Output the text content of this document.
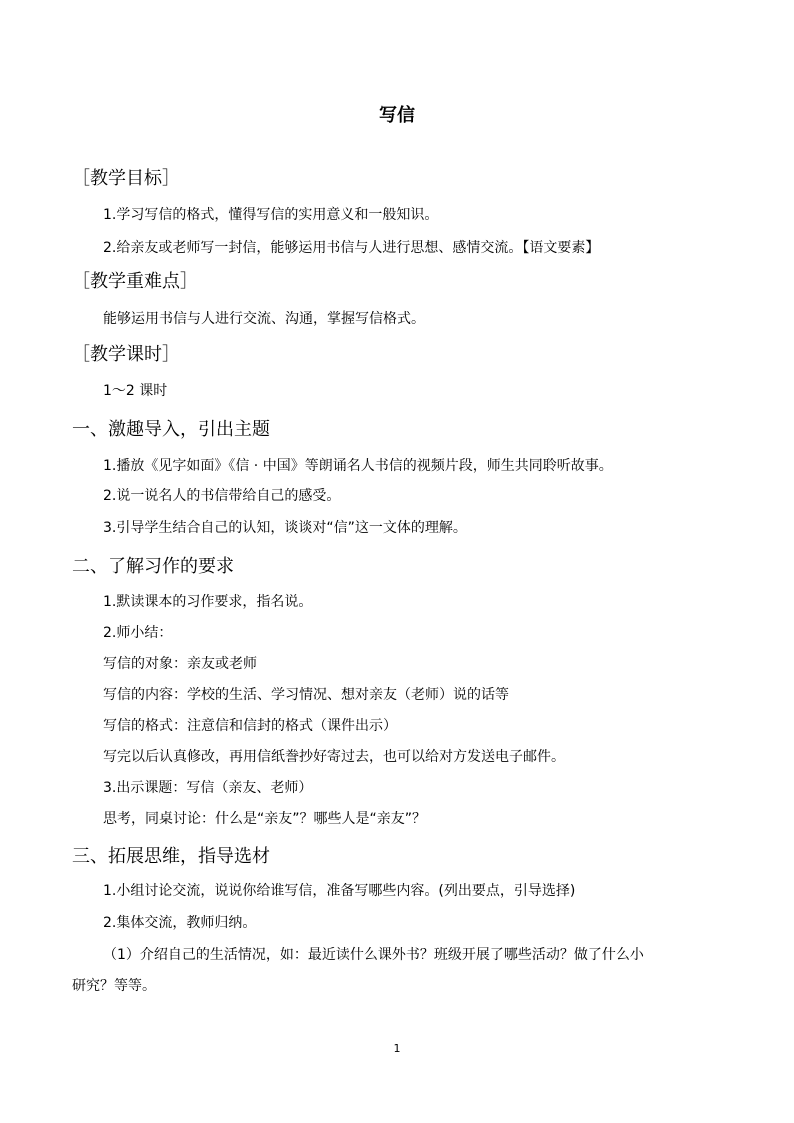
写信
［教学目标］
1.学习写信的格式，懂得写信的实用意义和一般知识。
2.给亲友或老师写一封信，能够运用书信与人进行思想、感情交流。【语文要素】
［教学重难点］
能够运用书信与人进行交流、沟通，掌握写信格式。
［教学课时］
1～2 课时
一、激趣导入，引出主题
1.播放《见字如面》《信 · 中国》等朗诵名人书信的视频片段，师生共同聆听故事。
2.说一说名人的书信带给自己的感受。
3.引导学生结合自己的认知，谈谈对“信”这一文体的理解。
二、了解习作的要求
1.默读课本的习作要求，指名说。
2.师小结：
写信的对象：亲友或老师
写信的内容：学校的生活、学习情况、想对亲友（老师）说的话等
写信的格式：注意信和信封的格式（课件出示）
写完以后认真修改，再用信纸誊抄好寄过去，也可以给对方发送电子邮件。
3.出示课题：写信（亲友、老师）
思考，同桌讨论：什么是“亲友”？哪些人是“亲友”？
三、拓展思维，指导选材
1.小组讨论交流，说说你给谁写信，准备写哪些内容。(列出要点，引导选择)
2.集体交流，教师归纳。
（1）介绍自己的生活情况，如：最近读什么课外书？班级开展了哪些活动？做了什么小
研究？等等。
1
